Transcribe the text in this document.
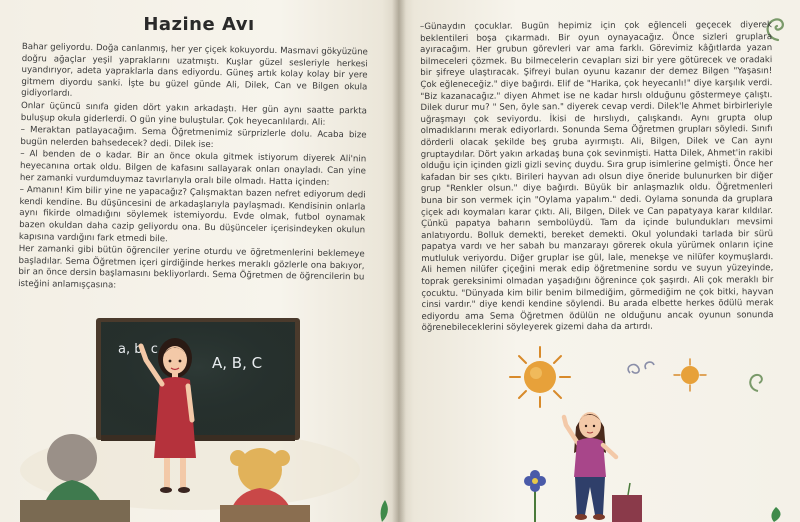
Hazine Avı

Bahar geliyordu. Doğa canlanmış, her yer çiçek kokuyordu. Masmavi gökyüzüne doğru ağaçlar yeşil yapraklarını uzatmıştı. Kuşlar güzel sesleriyle herkesi uyandırıyor, adeta yapraklarla dans ediyordu. Güneş artık kolay kolay bir yere gitmem diyordu sanki. İşte bu güzel günde Ali, Dilek, Can ve Bilgen okula gidiyorlardı.

Onlar üçüncü sınıfa giden dört yakın arkadaştı. Her gün aynı saatte parkta buluşup okula giderlerdi. O gün yine buluştular. Çok heyecanlılardı. Ali:

– Meraktan patlayacağım. Sema Öğretmenimiz sürprizlerle dolu. Acaba bize bugün nelerden bahsedecek? dedi. Dilek ise:

– Al benden de o kadar. Bir an önce okula gitmek istiyorum diyerek Ali'nin heyecanına ortak oldu. Bilgen de kafasını sallayarak onları onayladı. Can yine her zamanki vurdumduymaz tavırlarıyla oralı bile olmadı. Hatta içinden:

– Amanın! Kim bilir yine ne yapacağız? Çalışmaktan bazen nefret ediyorum dedi kendi kendine. Bu düşüncesini de arkadaşlarıyla paylaşmadı. Kendisinin onlarla aynı fikirde olmadığını söylemek istemiyordu. Evde olmak, futbol oynamak bazen okuldan daha cazip geliyordu ona. Bu düşünceler içerisindeyken okulun kapısına vardığını fark etmedi bile.

Her zamanki gibi bütün öğrenciler yerine oturdu ve öğretmenlerini beklemeye başladılar. Sema Öğretmen içeri girdiğinde herkes meraklı gözlerle ona bakıyor, bir an önce dersin başlamasını bekliyorlardı. Sema Öğretmen de öğrencilerin bu isteğini anlamışçasına:

a, b, c
A, B, C

–Günaydın çocuklar. Bugün hepimiz için çok eğlenceli geçecek diyerek beklentileri boşa çıkarmadı. Bir oyun oynayacağız. Önce sizleri gruplara ayıracağım. Her grubun görevleri var ama farklı. Görevimiz kâğıtlarda yazan bilmeceleri çözmek. Bu bilmecelerin cevapları sizi bir yere götürecek ve oradaki bir şifreye ulaştıracak. Şifreyi bulan oyunu kazanır der demez Bilgen "Yaşasın! Çok eğleneceğiz." diye bağırdı. Elif de "Harika, çok heyecanlı!" diye karşılık verdi. "Biz kazanacağız." diyen Ahmet ise ne kadar hırslı olduğunu göstermeye çalıştı. Dilek durur mu? " Sen, öyle san." diyerek cevap verdi. Dilek'le Ahmet birbirleriyle uğraşmayı çok seviyordu. İkisi de hırslıydı, çalışkandı. Aynı grupta olup olmadıklarını merak ediyorlardı. Sonunda Sema Öğretmen grupları söyledi. Sınıfı dörderli olacak şekilde beş gruba ayırmıştı. Ali, Bilgen, Dilek ve Can aynı gruptaydılar. Dört yakın arkadaş buna çok sevinmişti. Hatta Dilek, Ahmet'in rakibi olduğu için içinden gizli gizli sevinç duydu. Sıra grup isimlerine gelmişti. Önce her kafadan bir ses çıktı. Birileri hayvan adı olsun diye öneride bulunurken bir diğer grup "Renkler olsun." diye bağırdı. Büyük bir anlaşmazlık oldu. Öğretmenleri buna bir son vermek için "Oylama yapalım." dedi. Oylama sonunda da gruplara çiçek adı koymaları karar çıktı. Ali, Bilgen, Dilek ve Can papatyaya karar kıldılar. Çünkü papatya baharın sembolüydü. Tam da içinde bulundukları mevsimi anlatıyordu. Bolluk demekti, bereket demekti. Okul yolundaki tarlada bir sürü papatya vardı ve her sabah bu manzarayı görerek okula yürümek onların içine mutluluk veriyordu. Diğer gruplar ise gül, lale, menekşe ve nilüfer koymuşlardı. Ali hemen nilüfer çiçeğini merak edip öğretmenine sordu ve suyun yüzeyinde, toprak gereksinimi olmadan yaşadığını öğrenince çok şaşırdı. Ali çok meraklı bir çocuktu. "Dünyada kim bilir benim bilmediğim, görmediğim ne çok bitki, hayvan cinsi vardır." diye kendi kendine söylendi. Bu arada elbette herkes ödülü merak ediyordu ama Sema Öğretmen ödülün ne olduğunu ancak oyunun sonunda öğrenebileceklerini söyleyerek gizemi daha da artırdı.
